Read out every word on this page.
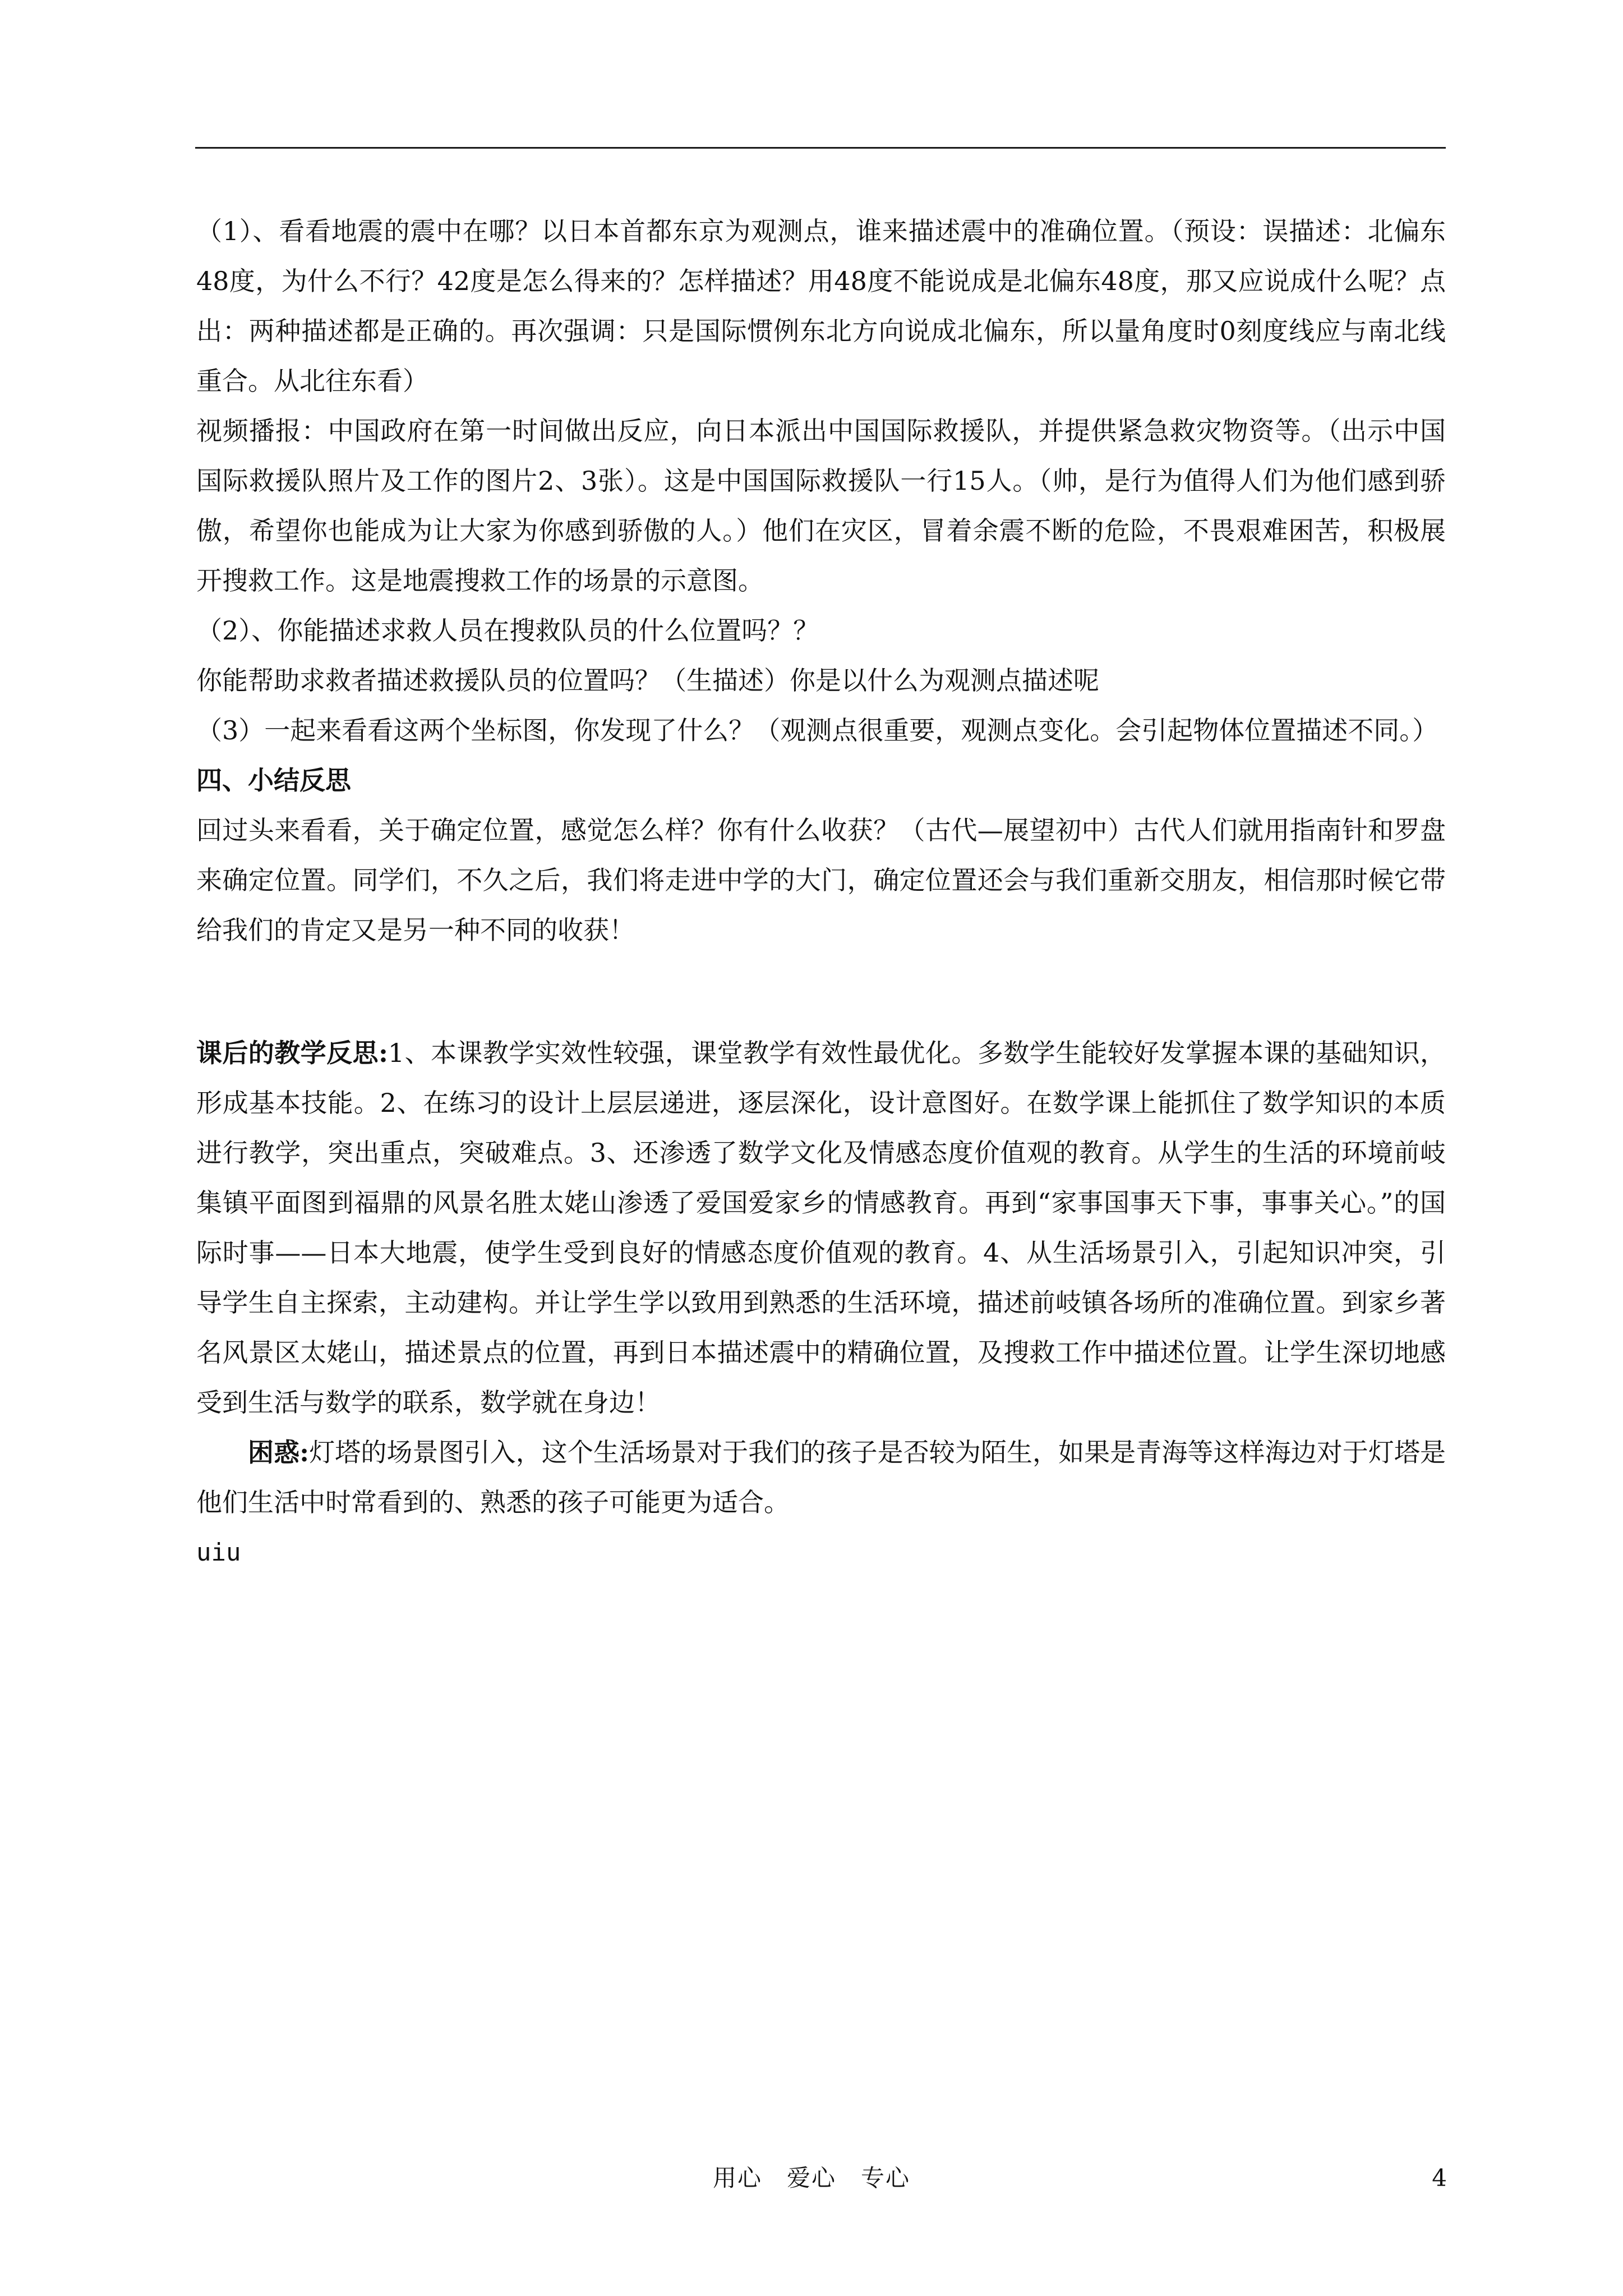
（1）、看看地震的震中在哪？以日本首都东京为观测点，谁来描述震中的准确位置。（预设：误描述：北偏东48度，为什么不行？42度是怎么得来的？怎样描述？用48度不能说成是北偏东48度，那又应说成什么呢？点出：两种描述都是正确的。再次强调：只是国际惯例东北方向说成北偏东，所以量角度时0刻度线应与南北线重合。从北往东看）

视频播报：中国政府在第一时间做出反应，向日本派出中国国际救援队，并提供紧急救灾物资等。（出示中国国际救援队照片及工作的图片2、3张）。这是中国国际救援队一行15人。（帅，是行为值得人们为他们感到骄傲，希望你也能成为让大家为你感到骄傲的人。）他们在灾区，冒着余震不断的危险，不畏艰难困苦，积极展开搜救工作。这是地震搜救工作的场景的示意图。

（2）、你能描述求救人员在搜救队员的什么位置吗？？

你能帮助求救者描述救援队员的位置吗？（生描述）你是以什么为观测点描述呢

（3）一起来看看这两个坐标图，你发现了什么？（观测点很重要，观测点变化。会引起物体位置描述不同。）

四、小结反思

回过头来看看，关于确定位置，感觉怎么样？你有什么收获？（古代—展望初中）古代人们就用指南针和罗盘来确定位置。同学们，不久之后，我们将走进中学的大门，确定位置还会与我们重新交朋友，相信那时候它带给我们的肯定又是另一种不同的收获！

课后的教学反思:1、本课教学实效性较强，课堂教学有效性最优化。多数学生能较好发掌握本课的基础知识，形成基本技能。2、在练习的设计上层层递进，逐层深化，设计意图好。在数学课上能抓住了数学知识的本质进行教学，突出重点，突破难点。3、还渗透了数学文化及情感态度价值观的教育。从学生的生活的环境前岐集镇平面图到福鼎的风景名胜太姥山渗透了爱国爱家乡的情感教育。再到“家事国事天下事，事事关心。”的国际时事——日本大地震，使学生受到良好的情感态度价值观的教育。4、从生活场景引入，引起知识冲突，引导学生自主探索，主动建构。并让学生学以致用到熟悉的生活环境，描述前岐镇各场所的准确位置。到家乡著名风景区太姥山，描述景点的位置，再到日本描述震中的精确位置，及搜救工作中描述位置。让学生深切地感受到生活与数学的联系，数学就在身边！

困惑:灯塔的场景图引入，这个生活场景对于我们的孩子是否较为陌生，如果是青海等这样海边对于灯塔是他们生活中时常看到的、熟悉的孩子可能更为适合。

uiu

用心　爱心　专心	4
